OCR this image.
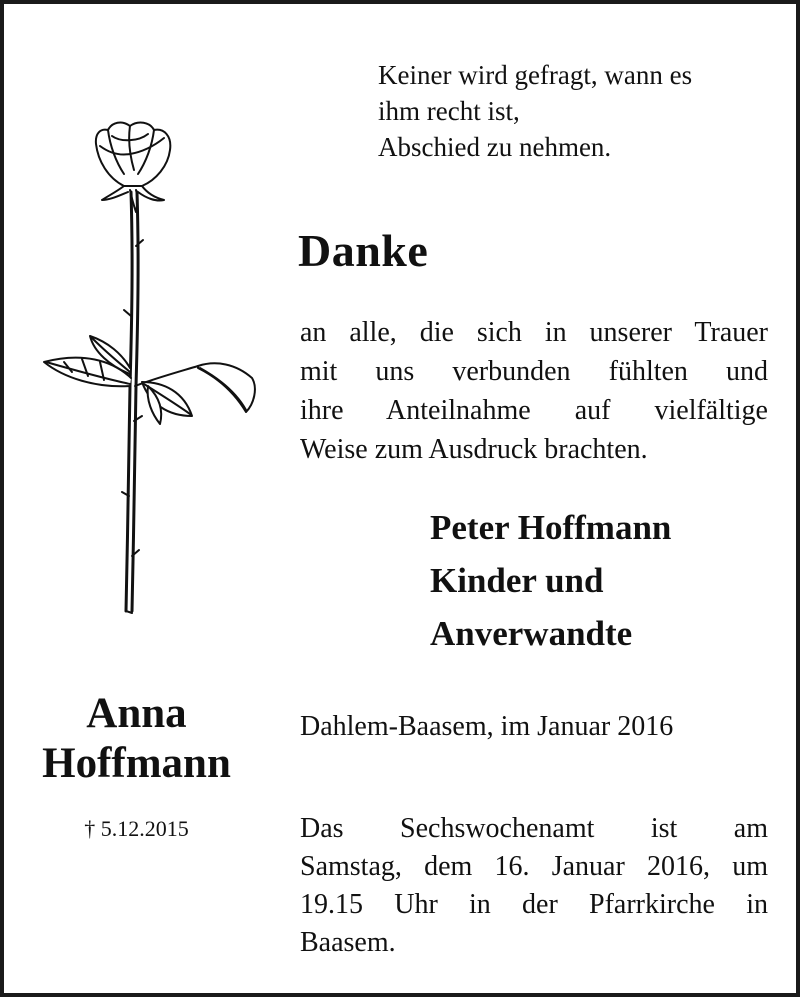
Keiner wird gefragt, wann es
ihm recht ist,
Abschied zu nehmen.
Danke
an alle, die sich in unserer Trauer
mit uns verbunden fühlten und
ihre Anteilnahme auf vielfältige
Weise zum Ausdruck brachten.
Peter Hoffmann
Kinder und
Anverwandte
Anna
Hoffmann
† 5.12.2015
Dahlem-Baasem, im Januar 2016
Das Sechswochenamt ist am
Samstag, dem 16. Januar 2016, um
19.15 Uhr in der Pfarrkirche in
Baasem.
